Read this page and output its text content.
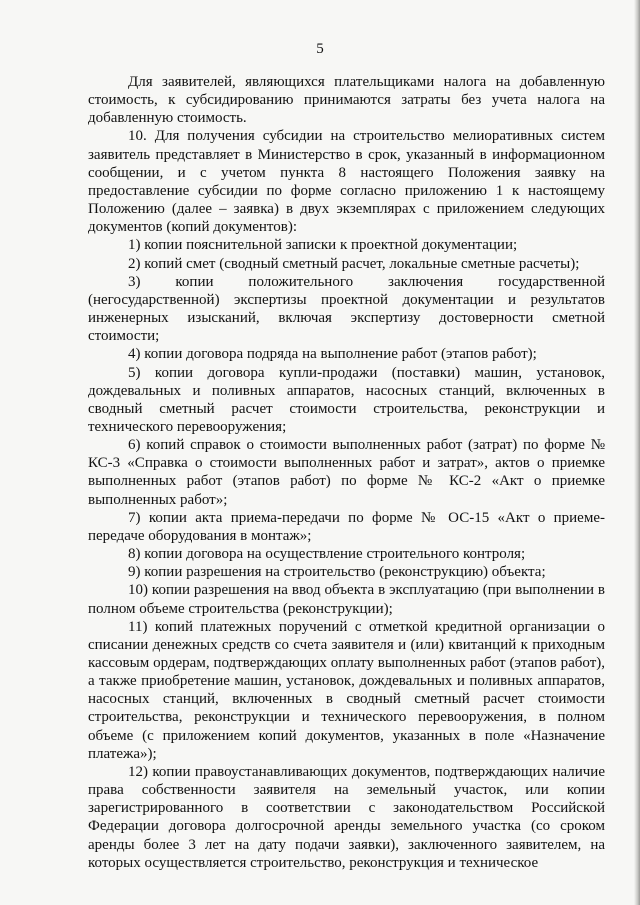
5

Для заявителей, являющихся плательщиками налога на добавленную стоимость, к субсидированию принимаются затраты без учета налога на добавленную стоимость.

10. Для получения субсидии на строительство мелиоративных систем заявитель представляет в Министерство в срок, указанный в информационном сообщении, и с учетом пункта 8 настоящего Положения заявку на предоставление субсидии по форме согласно приложению 1 к настоящему Положению (далее – заявка) в двух экземплярах с приложением следующих документов (копий документов):

1) копии пояснительной записки к проектной документации;

2) копий смет (сводный сметный расчет, локальные сметные расчеты);

3) копии положительного заключения государственной (негосударственной) экспертизы проектной документации и результатов инженерных изысканий, включая экспертизу достоверности сметной стоимости;

4) копии договора подряда на выполнение работ (этапов работ);

5) копии договора купли-продажи (поставки) машин, установок, дождевальных и поливных аппаратов, насосных станций, включенных в сводный сметный расчет стоимости строительства, реконструкции и технического перевооружения;

6) копий справок о стоимости выполненных работ (затрат) по форме № КС-3 «Справка о стоимости выполненных работ и затрат», актов о приемке выполненных работ (этапов работ) по форме № КС-2 «Акт о приемке выполненных работ»;

7) копии акта приема-передачи по форме № ОС-15 «Акт о приеме-передаче оборудования в монтаж»;

8) копии договора на осуществление строительного контроля;

9) копии разрешения на строительство (реконструкцию) объекта;

10) копии разрешения на ввод объекта в эксплуатацию (при выполнении в полном объеме строительства (реконструкции);

11) копий платежных поручений с отметкой кредитной организации о списании денежных средств со счета заявителя и (или) квитанций к приходным кассовым ордерам, подтверждающих оплату выполненных работ (этапов работ), а также приобретение машин, установок, дождевальных и поливных аппаратов, насосных станций, включенных в сводный сметный расчет стоимости строительства, реконструкции и технического перевооружения, в полном объеме (с приложением копий документов, указанных в поле «Назначение платежа»);

12) копии правоустанавливающих документов, подтверждающих наличие права собственности заявителя на земельный участок, или копии зарегистрированного в соответствии с законодательством Российской Федерации договора долгосрочной аренды земельного участка (со сроком аренды более 3 лет на дату подачи заявки), заключенного заявителем, на которых осуществляется строительство, реконструкция и техническое
